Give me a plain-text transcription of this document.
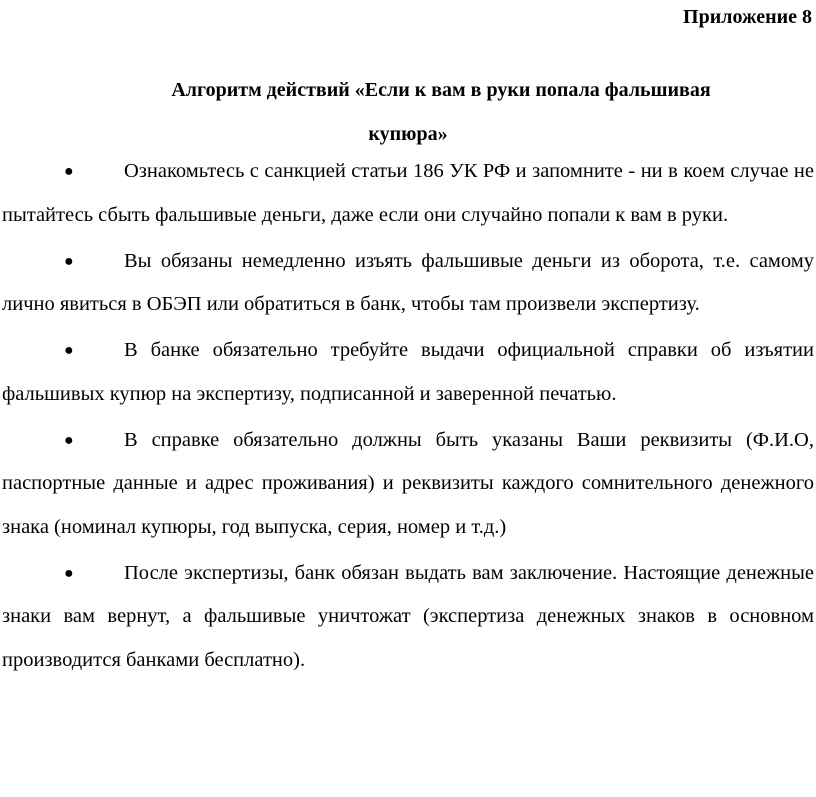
Приложение 8
Алгоритм действий «Если к вам в руки попала фальшивая
купюра»

● Ознакомьтесь с санкцией статьи 186 УК РФ и запомните - ни в коем случае не пытайтесь сбыть фальшивые деньги, даже если они случайно попали к вам в руки.

● Вы обязаны немедленно изъять фальшивые деньги из оборота, т.е. самому лично явиться в ОБЭП или обратиться в банк, чтобы там произвели экспертизу.

● В банке обязательно требуйте выдачи официальной справки об изъятии фальшивых купюр на экспертизу, подписанной и заверенной печатью.

● В справке обязательно должны быть указаны Ваши реквизиты (Ф.И.О, паспортные данные и адрес проживания) и реквизиты каждого сомнительного денежного знака (номинал купюры, год выпуска, серия, номер и т.д.)

● После экспертизы, банк обязан выдать вам заключение. Настоящие денежные знаки вам вернут, а фальшивые уничтожат (экспертиза денежных знаков в основном производится банками бесплатно).
